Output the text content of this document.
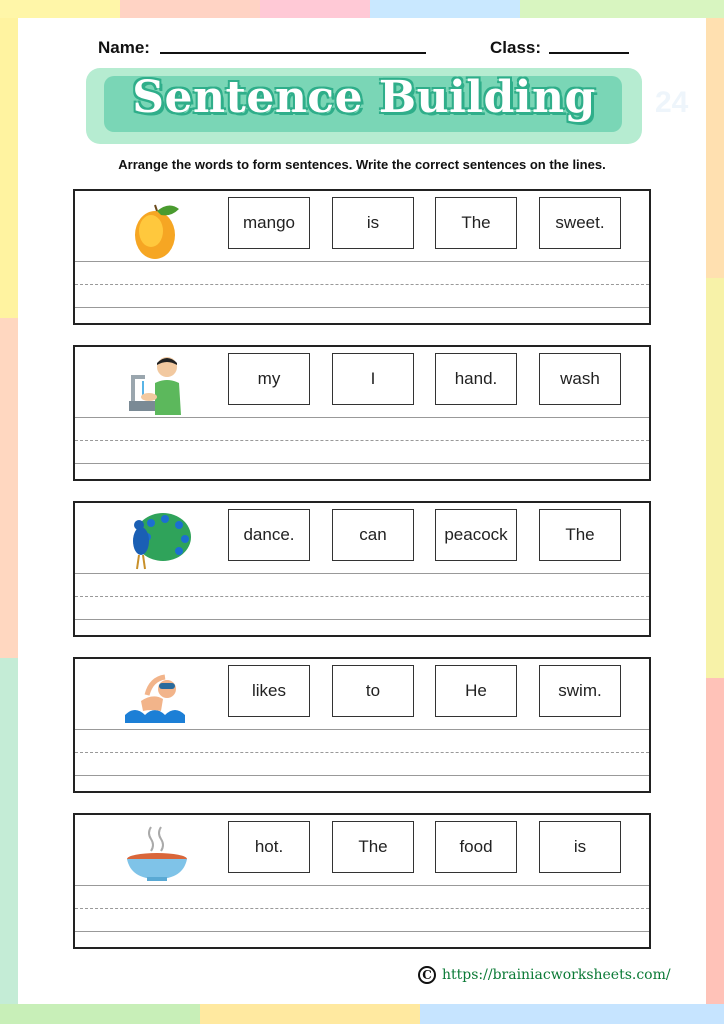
Name:	Class:
Sentence Building	24
Arrange the words to form sentences. Write the correct sentences on the lines.
mango	is	The	sweet.
my	I	hand.	wash
dance.	can	peacock	The
likes	to	He	swim.
hot.	The	food	is
C https://brainiacworksheets.com/
